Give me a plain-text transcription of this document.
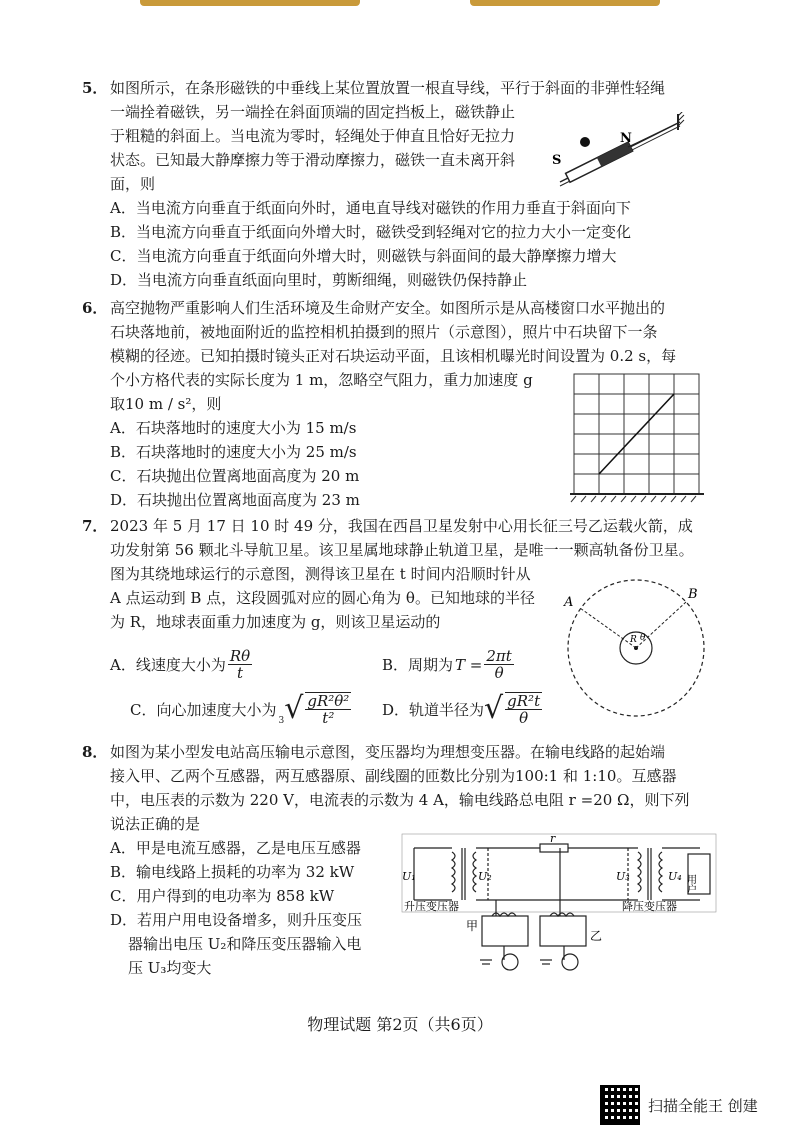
5． 如图所示，在条形磁铁的中垂线上某位置放置一根直导线，平行于斜面的非弹性轻绳
一端拴着磁铁，另一端拴在斜面顶端的固定挡板上，磁铁静止
于粗糙的斜面上。当电流为零时，轻绳处于伸直且恰好无拉力
状态。已知最大静摩擦力等于滑动摩擦力，磁铁一直未离开斜
面，则
A．当电流方向垂直于纸面向外时，通电直导线对磁铁的作用力垂直于斜面向下
B．当电流方向垂直于纸面向外增大时，磁铁受到轻绳对它的拉力大小一定变化
C．当电流方向垂直于纸面向外增大时，则磁铁与斜面间的最大静摩擦力增大
D．当电流方向垂直纸面向里时，剪断细绳，则磁铁仍保持静止
N
S
6． 高空抛物严重影响人们生活环境及生命财产安全。如图所示是从高楼窗口水平抛出的
石块落地前，被地面附近的监控相机拍摄到的照片（示意图），照片中石块留下一条
模糊的径迹。已知拍摄时镜头正对石块运动平面，且该相机曝光时间设置为 0.2 s，每
个小方格代表的实际长度为 1 m，忽略空气阻力，重力加速度 g
取10 m / s²，则
A．石块落地时的速度大小为 15 m/s
B．石块落地时的速度大小为 25 m/s
C．石块抛出位置离地面高度为 20 m
D．石块抛出位置离地面高度为 23 m
7． 2023 年 5 月 17 日 10 时 49 分，我国在西昌卫星发射中心用长征三号乙运载火箭，成
功发射第 56 颗北斗导航卫星。该卫星属地球静止轨道卫星，是唯一一颗高轨备份卫星。
图为其绕地球运行的示意图，测得该卫星在 t 时间内沿顺时针从
A 点运动到 B 点，这段圆弧对应的圆心角为 θ。已知地球的半径
为 R，地球表面重力加速度为 g，则该卫星运动的
A．线速度大小为 $\frac{R\theta}{t}$	B．周期为 $T = \frac{2\pi t}{\theta}$
C．向心加速度大小为
3 √ $\frac{\text{gR²θ²}}{\text{t²}}$ D．轨道半径为 √ $\frac{\text{gR²t}}{\theta}$
A
B
R θ
8． 如图为某小型发电站高压输电示意图，变压器均为理想变压器。在输电线路的起始端
接入甲、乙两个互感器，两互感器原、副线圈的匝数比分别为100:1 和 1:10。互感器
中，电压表的示数为 220 V，电流表的示数为 4 A，输电线路总电阻 r =20 Ω，则下列
说法正确的是
A．甲是电流互感器，乙是电压互感器
B．输电线路上损耗的功率为 32 kW
C．用户得到的电功率为 858 kW
D．若用户用电设备增多，则升压变压
器输出电压 U₂和降压变压器输入电
压 U₃均变大
U₁	U₂
r
U₃	U₄
升压变压器	降压变压器
甲
乙
用户
物理试题 第2页（共6页）
扫描全能王 创建
